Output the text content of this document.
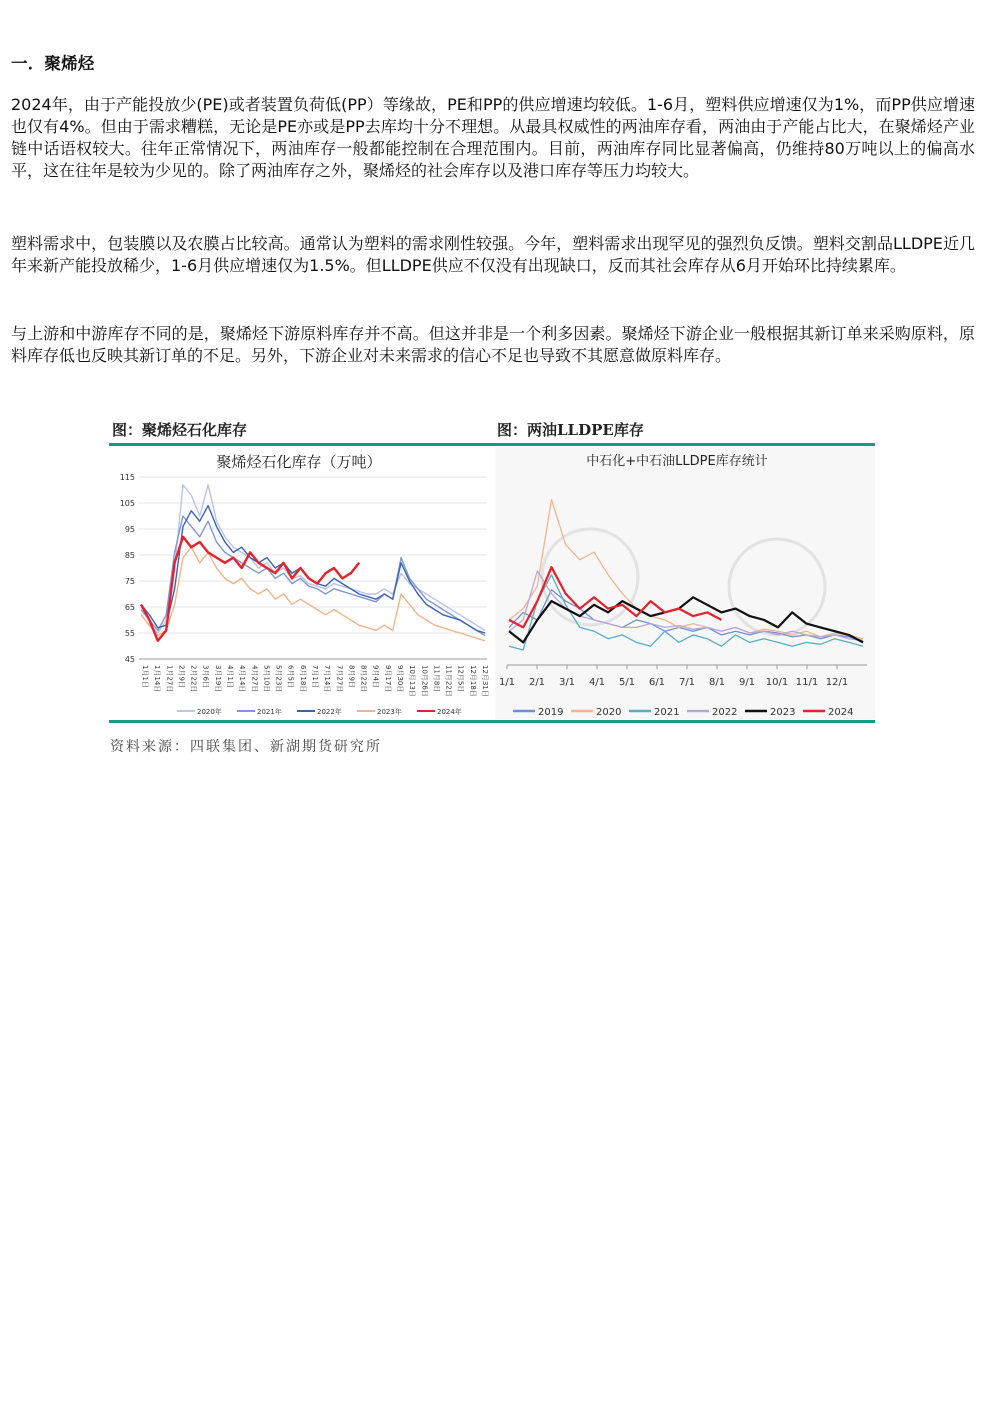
一．聚烯烃

2024年，由于产能投放少(PE)或者装置负荷低(PP）等缘故，PE和PP的供应增速均较低。1-6月，塑料供应增速仅为1%，而PP供应增速也仅有4%。但由于需求糟糕，无论是PE亦或是PP去库均十分不理想。从最具权威性的两油库存看，两油由于产能占比大，在聚烯烃产业链中话语权较大。往年正常情况下，两油库存一般都能控制在合理范围内。目前，两油库存同比显著偏高，仍维持80万吨以上的偏高水平，这在往年是较为少见的。除了两油库存之外，聚烯烃的社会库存以及港口库存等压力均较大。

塑料需求中，包装膜以及农膜占比较高。通常认为塑料的需求刚性较强。今年，塑料需求出现罕见的强烈负反馈。塑料交割品LLDPE近几年来新产能投放稀少，1-6月供应增速仅为1.5%。但LLDPE供应不仅没有出现缺口，反而其社会库存从6月开始环比持续累库。

与上游和中游库存不同的是，聚烯烃下游原料库存并不高。但这并非是一个利多因素。聚烯烃下游企业一般根据其新订单来采购原料，原料库存低也反映其新订单的不足。另外，下游企业对未来需求的信心不足也导致不其愿意做原料库存。

图：聚烯烃石化库存	图：两油LLDPE库存
聚烯烃石化库存（万吨）
115
105
95
85
75
65
55
45
1月1日 1月14日 1月27日 2月9日 2月22日 3月6日 3月19日 4月1日 4月14日 4月27日 5月10日 5月23日 6月5日 6月18日 7月1日 7月14日 7月27日 8月9日 8月22日 9月4日 9月17日 9月30日 10月13日 10月26日 11月8日 11月22日 12月5日 12月18日 12月31日
2020年	2021年	2022年	2023年	2024年
中石化+中石油LLDPE库存统计
1/1 2/1 3/1 4/1 5/1 6/1 7/1 8/1 9/1 10/1 11/1 12/1
2019	2020	2021	2022	2023	2024
资料来源：四联集团、新湖期货研究所
